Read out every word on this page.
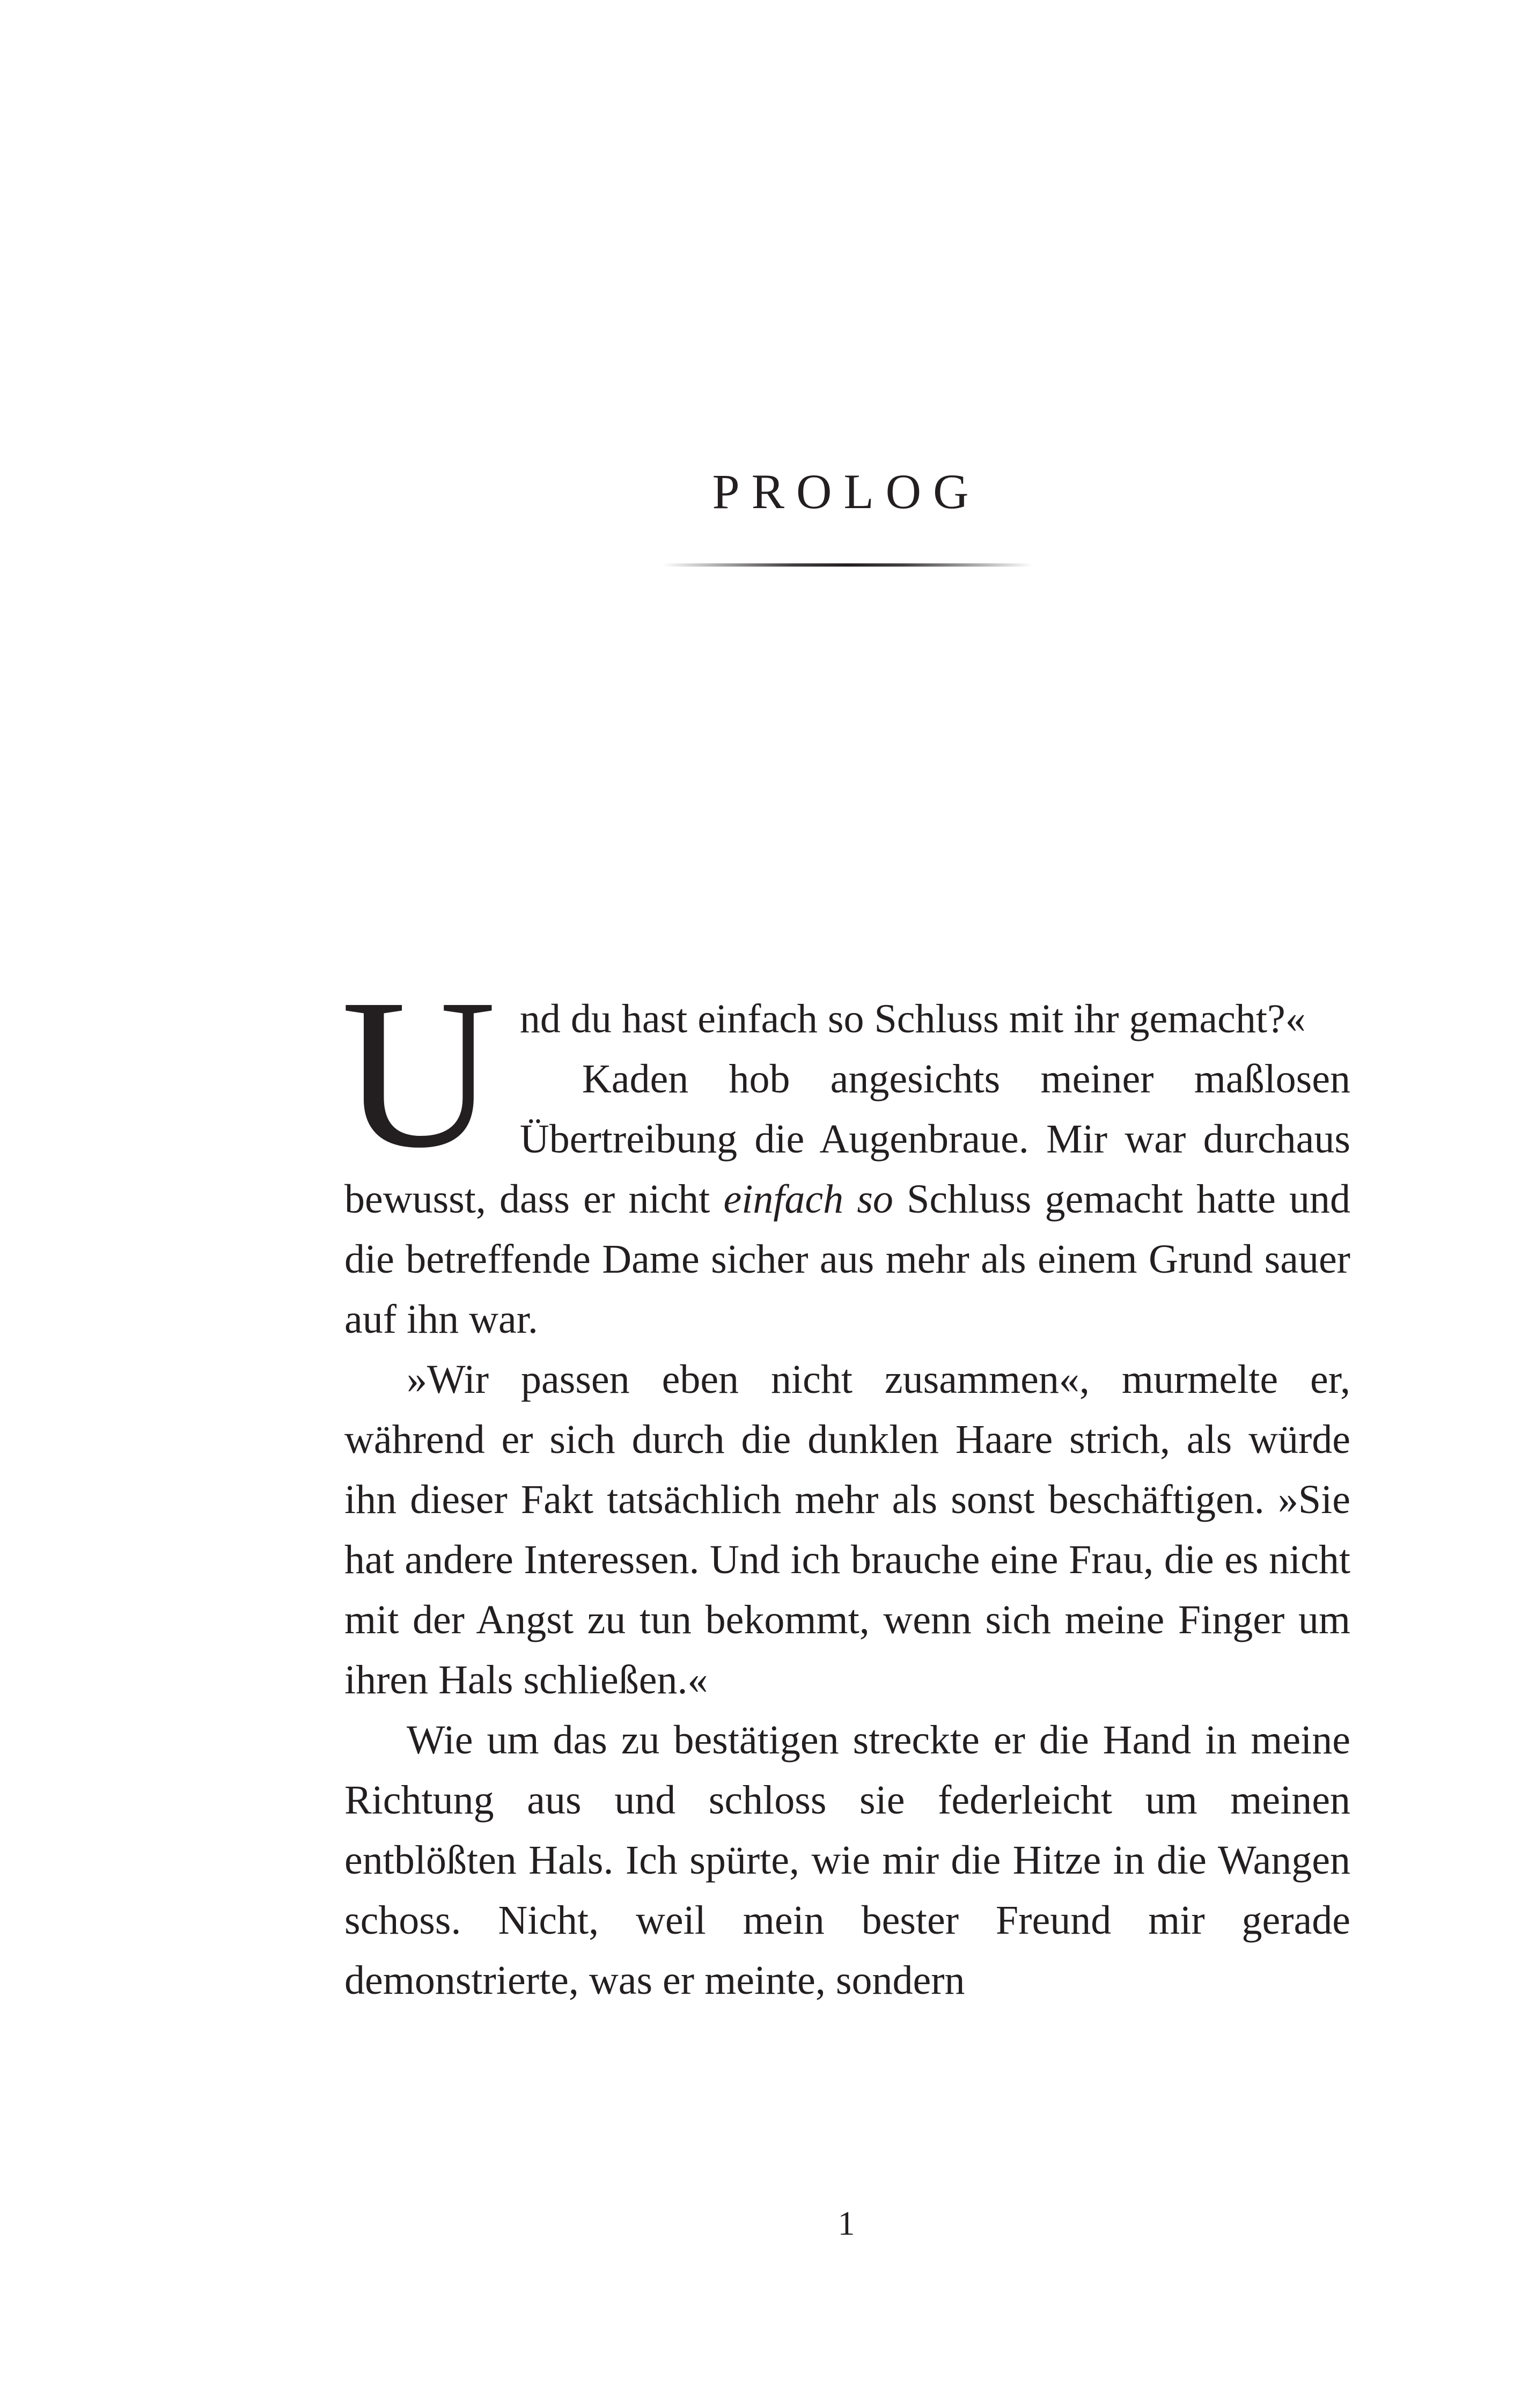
PROLOG
U nd du hast einfach so Schluss mit ihr gemacht?«

Kaden hob angesichts meiner maßlosen Übertreibung die Augenbraue. Mir war durchaus bewusst, dass er nicht einfach so Schluss gemacht hatte und die betreffende Dame sicher aus mehr als einem Grund sauer auf ihn war.

»Wir passen eben nicht zusammen«, murmelte er, während er sich durch die dunklen Haare strich, als würde ihn dieser Fakt tatsächlich mehr als sonst beschäftigen. »Sie hat andere Interessen. Und ich brauche eine Frau, die es nicht mit der Angst zu tun bekommt, wenn sich meine Finger um ihren Hals schließen.«

Wie um das zu bestätigen streckte er die Hand in meine Richtung aus und schloss sie federleicht um meinen entblößten Hals. Ich spürte, wie mir die Hitze in die Wangen schoss. Nicht, weil mein bester Freund mir gerade demonstrierte, was er meinte, sondern

1
